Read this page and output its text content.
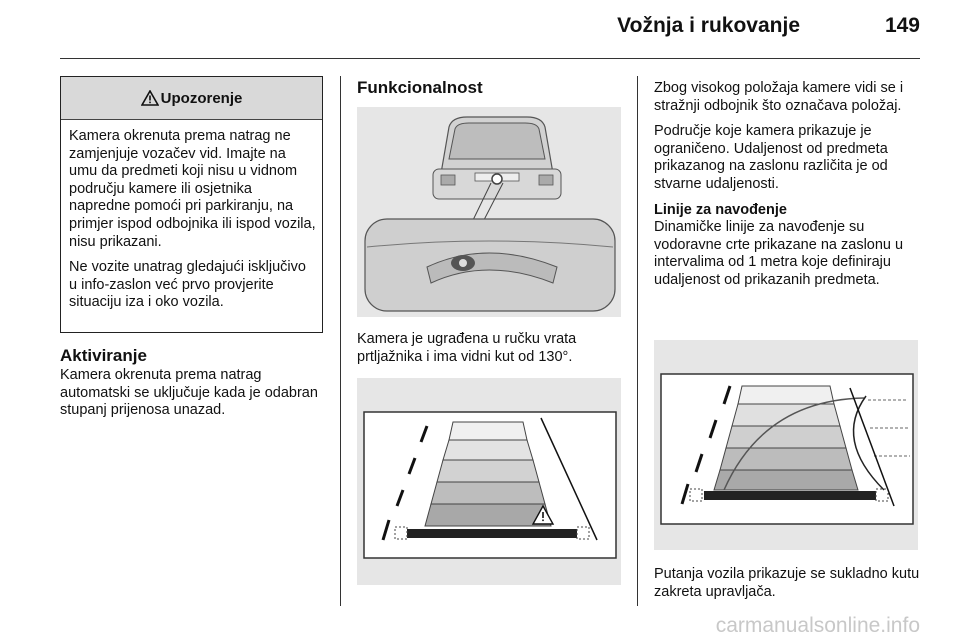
Vožnja i rukovanje	149
Upozorenje

Kamera okrenuta prema natrag ne zamjenjuje vozačev vid. Imajte na umu da predmeti koji nisu u vidnom području kamere ili osjetnika napredne pomoći pri parkiranju, na primjer ispod odbojnika ili ispod vozila, nisu prikazani.

Ne vozite unatrag gledajući isključivo u info-zaslon već prvo provjerite situaciju iza i oko vozila.

Aktiviranje

Kamera okrenuta prema natrag automatski se uključuje kada je odabran stupanj prijenosa unazad.

Funkcionalnost

Kamera je ugrađena u ručku vrata prtljažnika i ima vidni kut od 130°.

Zbog visokog položaja kamere vidi se i stražnji odbojnik što označava položaj.

Područje koje kamera prikazuje je ograničeno. Udaljenost od predmeta prikazanog na zaslonu različita je od stvarne udaljenosti.

Linije za navođenje

Dinamičke linije za navođenje su vodoravne crte prikazane na zaslonu u intervalima od 1 metra koje definiraju udaljenost od prikazanih predmeta.

Putanja vozila prikazuje se sukladno kutu zakreta upravljača.

carmanualsonline.info
